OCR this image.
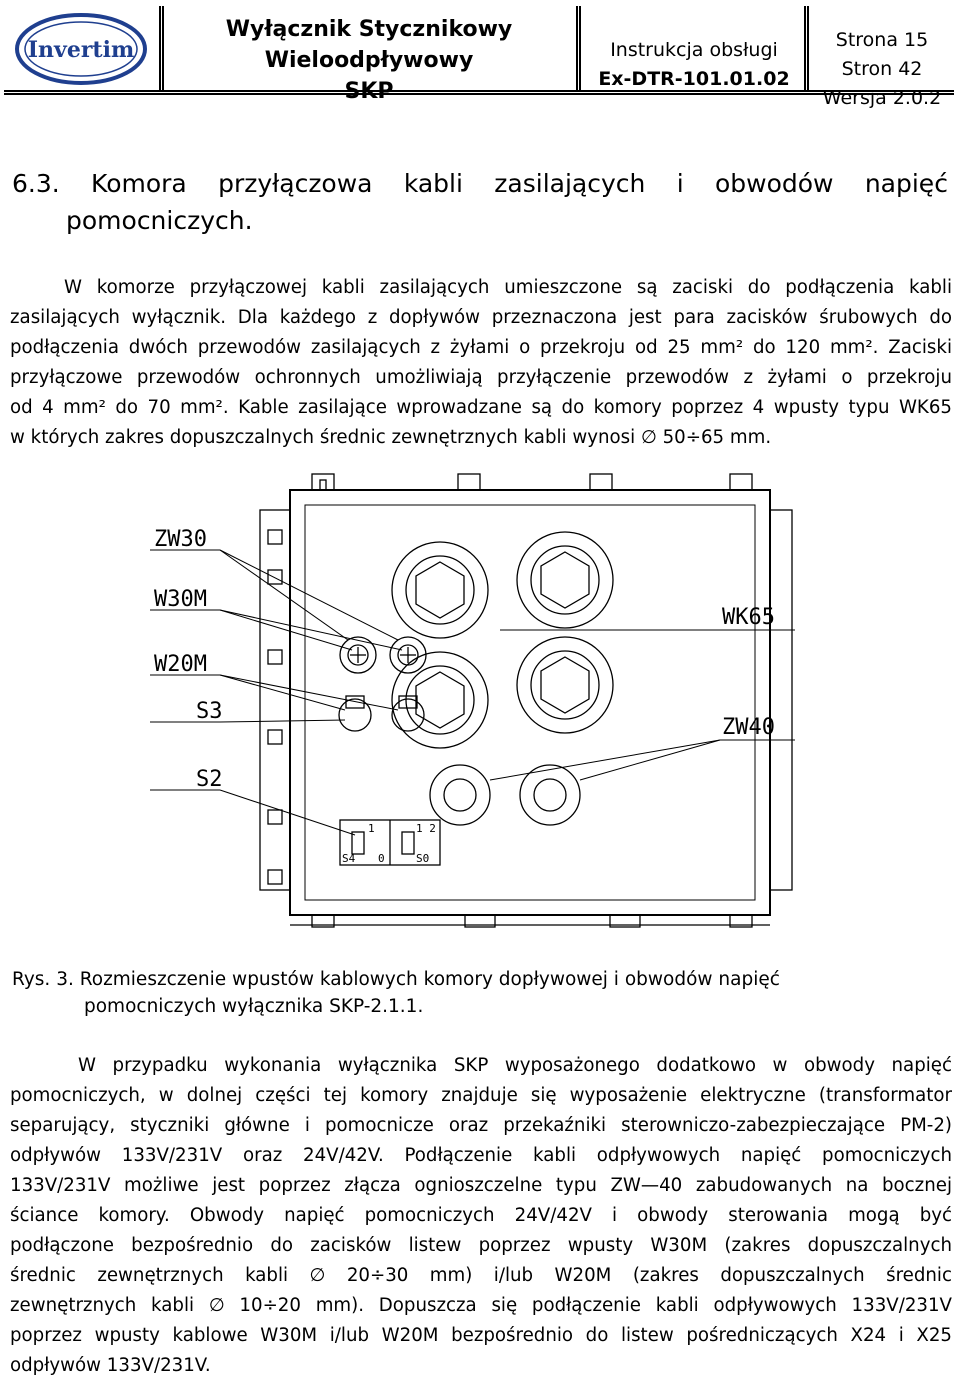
Invertim
Wyłącznik Stycznikowy
Wieloodpływowy
SKP
Instrukcja obsługi
Ex-DTR-101.01.02
Strona 15
Stron 42
Wersja 2.0.2
6.3. Komora przyłączowa kabli zasilających i obwodów napięć
pomocniczych.
W komorze przyłączowej kabli zasilających umieszczone są zaciski do podłączenia kabli
zasilających wyłącznik. Dla każdego z dopływów przeznaczona jest para zacisków śrubowych do
podłączenia dwóch przewodów zasilających z żyłami o przekroju od 25 mm² do 120 mm². Zaciski
przyłączowe przewodów ochronnych umożliwiają przyłączenie przewodów z żyłami o przekroju
od 4 mm² do 70 mm². Kable zasilające wprowadzane są do komory poprzez 4 wpusty typu WK65
w których zakres dopuszczalnych średnic zewnętrznych kabli wynosi ∅ 50÷65 mm.
ZW30
W30M
W20M
S3
S2
WK65
ZW40
S4	S0
1	1 2
0
Rys. 3. Rozmieszczenie wpustów kablowych komory dopływowej i obwodów napięć
pomocniczych wyłącznika SKP-2.1.1.
W przypadku wykonania wyłącznika SKP wyposażonego dodatkowo w obwody napięć
pomocniczych, w dolnej części tej komory znajduje się wyposażenie elektryczne (transformator
separujący, styczniki główne i pomocnicze oraz przekaźniki sterowniczo-zabezpieczające PM-2)
odpływów 133V/231V oraz 24V/42V. Podłączenie kabli odpływowych napięć pomocniczych
133V/231V możliwe jest poprzez złącza ognioszczelne typu ZW—40 zabudowanych na bocznej
ściance komory. Obwody napięć pomocniczych 24V/42V i obwody sterowania mogą być
podłączone bezpośrednio do zacisków listew poprzez wpusty W30M (zakres dopuszczalnych
średnic zewnętrznych kabli ∅ 20÷30 mm) i/lub W20M (zakres dopuszczalnych średnic
zewnętrznych kabli ∅ 10÷20 mm). Dopuszcza się podłączenie kabli odpływowych 133V/231V
poprzez wpusty kablowe W30M i/lub W20M bezpośrednio do listew pośredniczących X24 i X25
odpływów 133V/231V.
